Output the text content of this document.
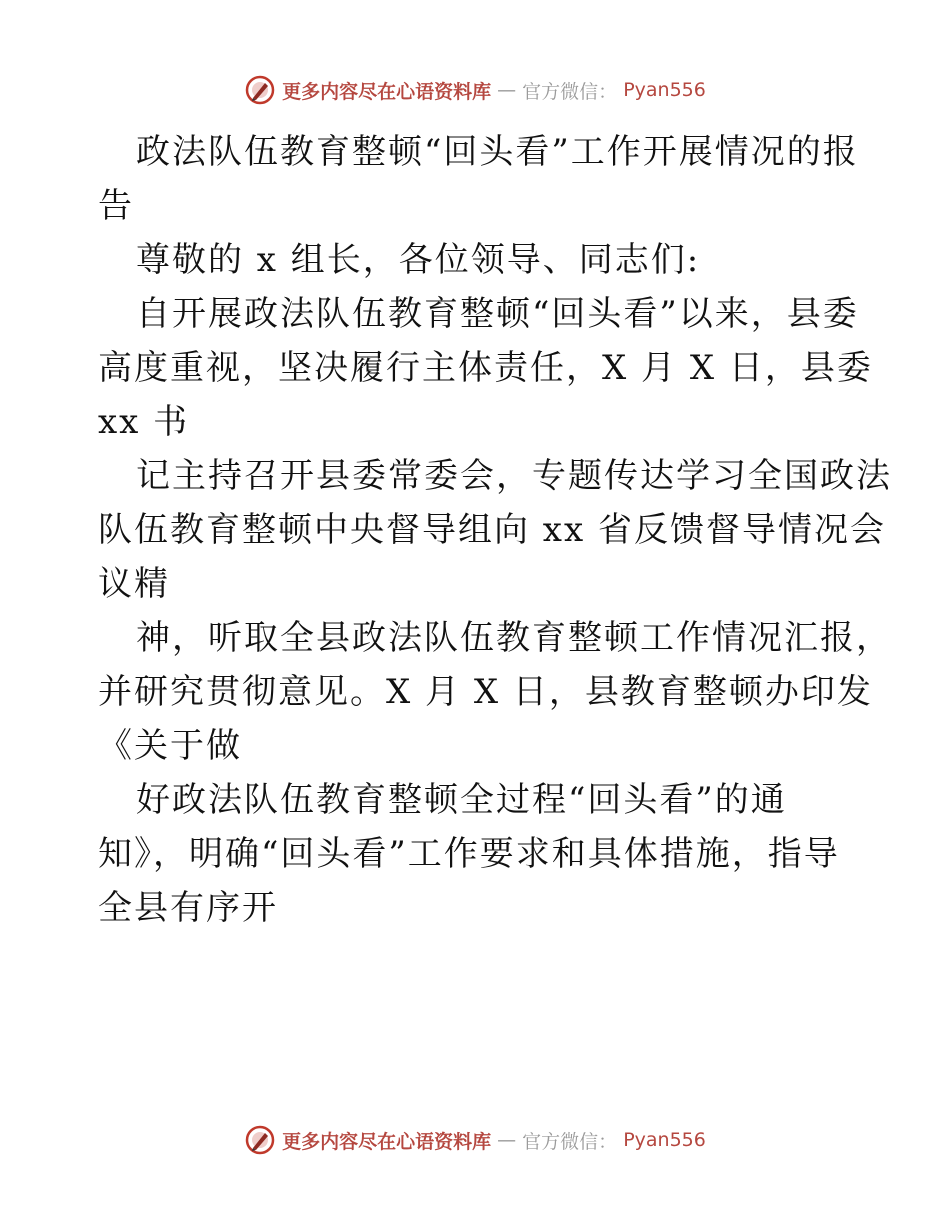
更多内容尽在心语资料库 — 官方微信： Pyan556

政法队伍教育整顿“回头看”工作开展情况的报

告

尊敬的 x 组长，各位领导、同志们:

自开展政法队伍教育整顿“回头看”以来，县委

高度重视，坚决履行主体责任，X 月 X 日，县委

xx 书

记主持召开县委常委会，专题传达学习全国政法

队伍教育整顿中央督导组向 xx 省反馈督导情况会

议精

神，听取全县政法队伍教育整顿工作情况汇报，

并研究贯彻意见。X 月 X 日，县教育整顿办印发

《关于做

好政法队伍教育整顿全过程“回头看”的通

知》，明确“回头看”工作要求和具体措施，指导

全县有序开

更多内容尽在心语资料库 — 官方微信： Pyan556
